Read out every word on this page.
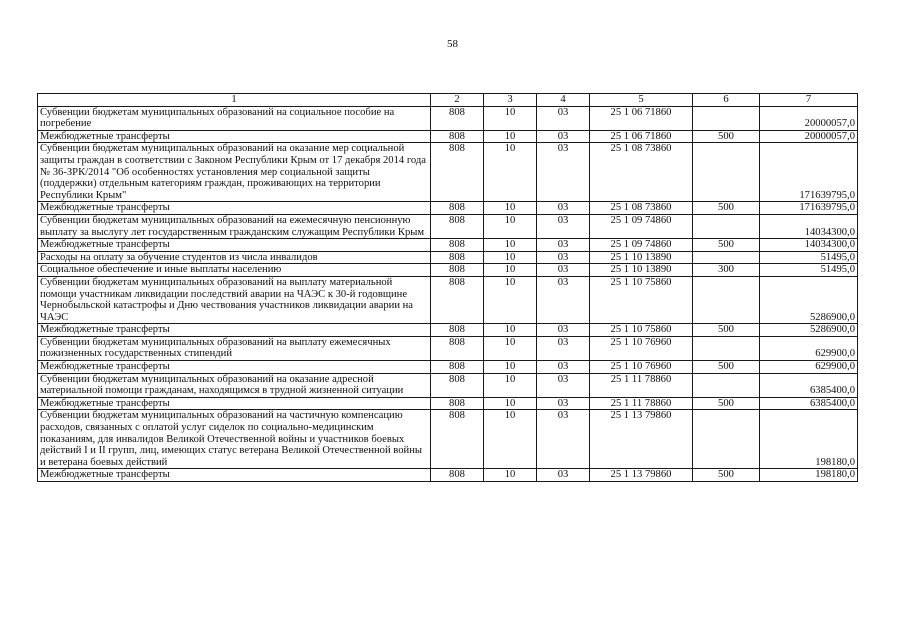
58
1	2	3	4	5	6	7
Субвенции бюджетам муниципальных образований на социальное пособие на погребение	808	10	03	25 1 06 71860		20000057,0
Межбюджетные трансферты	808	10	03	25 1 06 71860	500	20000057,0
Субвенции бюджетам муниципальных образований на оказание мер социальной защиты граждан в соответствии с Законом Республики Крым от 17 декабря 2014 года № 36-ЗРК/2014 "Об особенностях установления мер социальной защиты (поддержки) отдельным категориям граждан, проживающих на территории Республики Крым"	808	10	03	25 1 08 73860		171639795,0
Межбюджетные трансферты	808	10	03	25 1 08 73860	500	171639795,0
Субвенции бюджетам муниципальных образований на ежемесячную пенсионную выплату за выслугу лет государственным гражданским служащим Республики Крым	808	10	03	25 1 09 74860		14034300,0
Межбюджетные трансферты	808	10	03	25 1 09 74860	500	14034300,0
Расходы на оплату за обучение студентов из числа инвалидов	808	10	03	25 1 10 13890		51495,0
Социальное обеспечение и иные выплаты населению	808	10	03	25 1 10 13890	300	51495,0
Субвенции бюджетам муниципальных образований на выплату материальной помощи участникам ликвидации последствий аварии на ЧАЭС к 30-й годовщине Чернобыльской катастрофы и Дню чествования участников ликвидации аварии на ЧАЭС	808	10	03	25 1 10 75860		5286900,0
Межбюджетные трансферты	808	10	03	25 1 10 75860	500	5286900,0
Субвенции бюджетам муниципальных образований на выплату ежемесячных пожизненных государственных стипендий	808	10	03	25 1 10 76960		629900,0
Межбюджетные трансферты	808	10	03	25 1 10 76960	500	629900,0
Субвенции бюджетам муниципальных образований на оказание адресной материальной помощи гражданам, находящимся в трудной жизненной ситуации	808	10	03	25 1 11 78860		6385400,0
Межбюджетные трансферты	808	10	03	25 1 11 78860	500	6385400,0
Субвенции бюджетам муниципальных образований на частичную компенсацию расходов, связанных с оплатой услуг сиделок по социально-медицинским показаниям, для инвалидов Великой Отечественной войны и участников боевых действий I и II групп, лиц, имеющих статус ветерана Великой Отечественной войны и ветерана боевых действий	808	10	03	25 1 13 79860		198180,0
Межбюджетные трансферты	808	10	03	25 1 13 79860	500	198180,0
